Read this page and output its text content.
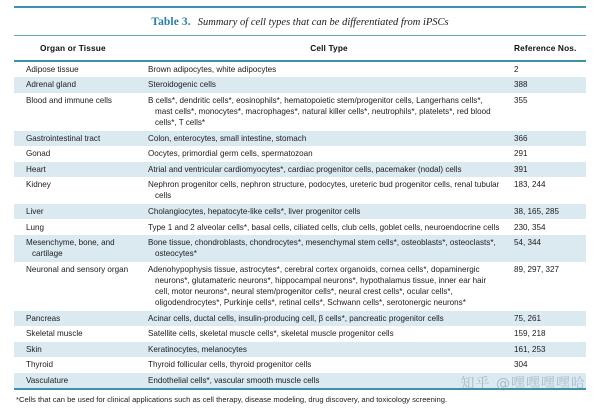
Table 3. Summary of cell types that can be differentiated from iPSCs
Organ or Tissue	Cell Type	Reference Nos.
Adipose tissue	Brown adipocytes, white adipocytes	2
Adrenal gland	Steroidogenic cells	388
Blood and immune cells	B cells*, dendritic cells*, eosinophils*, hematopoietic stem/progenitor cells, Langerhans cells*, mast cells*, monocytes*, macrophages*, natural killer cells*, neutrophils*, platelets*, red blood cells*, T cells*	355
Gastrointestinal tract	Colon, enterocytes, small intestine, stomach	366
Gonad	Oocytes, primordial germ cells, spermatozoan	291
Heart	Atrial and ventricular cardiomyocytes*, cardiac progenitor cells, pacemaker (nodal) cells	391
Kidney	Nephron progenitor cells, nephron structure, podocytes, ureteric bud progenitor cells, renal tubular cells	183, 244
Liver	Cholangiocytes, hepatocyte-like cells*, liver progenitor cells	38, 165, 285
Lung	Type 1 and 2 alveolar cells*, basal cells, ciliated cells, club cells, goblet cells, neuroendocrine cells	230, 354
Mesenchyme, bone, and cartilage	Bone tissue, chondroblasts, chondrocytes*, mesenchymal stem cells*, osteoblasts*, osteoclasts*, osteocytes*	54, 344
Neuronal and sensory organ	Adenohypophysis tissue, astrocytes*, cerebral cortex organoids, cornea cells*, dopaminergic neurons*, glutamateric neurons*, hippocampal neurons*, hypothalamus tissue, inner ear hair cell, motor neurons*, neural stem/progenitor cells*, neural crest cells*, ocular cells*, oligodendrocytes*, Purkinje cells*, retinal cells*, Schwann cells*, serotonergic neurons*	89, 297, 327
Pancreas	Acinar cells, ductal cells, insulin-producing cell, β cells*, pancreatic progenitor cells	75, 261
Skeletal muscle	Satellite cells, skeletal muscle cells*, skeletal muscle progenitor cells	159, 218
Skin	Keratinocytes, melanocytes	161, 253
Thyroid	Thyroid follicular cells, thyroid progenitor cells	304
Vasculature	Endothelial cells*, vascular smooth muscle cells	
*Cells that can be used for clinical applications such as cell therapy, disease modeling, drug discovery, and toxicology screening.
知乎 @嘿嘿嘿嘿哈
